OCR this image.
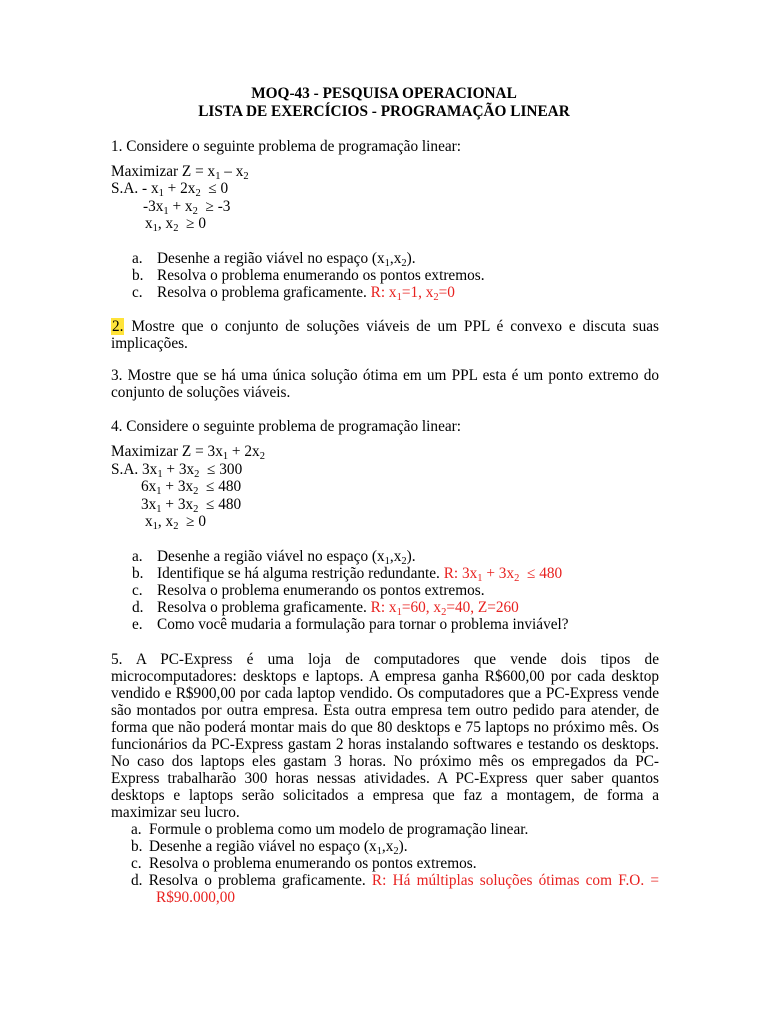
MOQ-43 - PESQUISA OPERACIONAL
LISTA DE EXERCÍCIOS - PROGRAMAÇÃO LINEAR
1. Considere o seguinte problema de programação linear:
Maximizar $Z = x_1 - x_2$
S.A. - $x_1 + 2x_2 \le 0$
$-3x_1 + x_2 \ge -3$
$x_1$, $x_2 \ge 0$
a. Desenhe a região viável no espaço $(x_1,x_2)$.
b. Resolva o problema enumerando os pontos extremos.
c. Resolva o problema graficamente. R: $x_1=1$, $x_2=0$
2. Mostre que o conjunto de soluções viáveis de um PPL é convexo e discuta suas
implicações.
3. Mostre que se há uma única solução ótima em um PPL esta é um ponto extremo do
conjunto de soluções viáveis.
4. Considere o seguinte problema de programação linear:
Maximizar $Z = 3x_1 + 2x_2$
S.A. $3x_1 + 3x_2 \le 300$
$6x_1 + 3x_2 \le 480$
$3x_1 + 3x_2 \le 480$
$x_1$, $x_2 \ge 0$
a. Desenhe a região viável no espaço $(x_1,x_2)$.
b. Identifique se há alguma restrição redundante. R: $3x_1 + 3x_2 \le 480$
c. Resolva o problema enumerando os pontos extremos.
d. Resolva o problema graficamente. R: $x_1=60$, $x_2=40$, Z=260
e. Como você mudaria a formulação para tornar o problema inviável?
5. A PC-Express é uma loja de computadores que vende dois tipos de
microcomputadores: desktops e laptops. A empresa ganha R$600,00 por cada desktop
vendido e R$900,00 por cada laptop vendido. Os computadores que a PC-Express vende
são montados por outra empresa. Esta outra empresa tem outro pedido para atender, de
forma que não poderá montar mais do que 80 desktops e 75 laptops no próximo mês. Os
funcionários da PC-Express gastam 2 horas instalando softwares e testando os desktops.
No caso dos laptops eles gastam 3 horas. No próximo mês os empregados da PC-
Express trabalharão 300 horas nessas atividades. A PC-Express quer saber quantos
desktops e laptops serão solicitados a empresa que faz a montagem, de forma a
maximizar seu lucro.
a. Formule o problema como um modelo de programação linear.
b. Desenhe a região viável no espaço $(x_1,x_2)$.
c. Resolva o problema enumerando os pontos extremos.
d. Resolva o problema graficamente. R: Há múltiplas soluções ótimas com F.O. =
R$90.000,00
